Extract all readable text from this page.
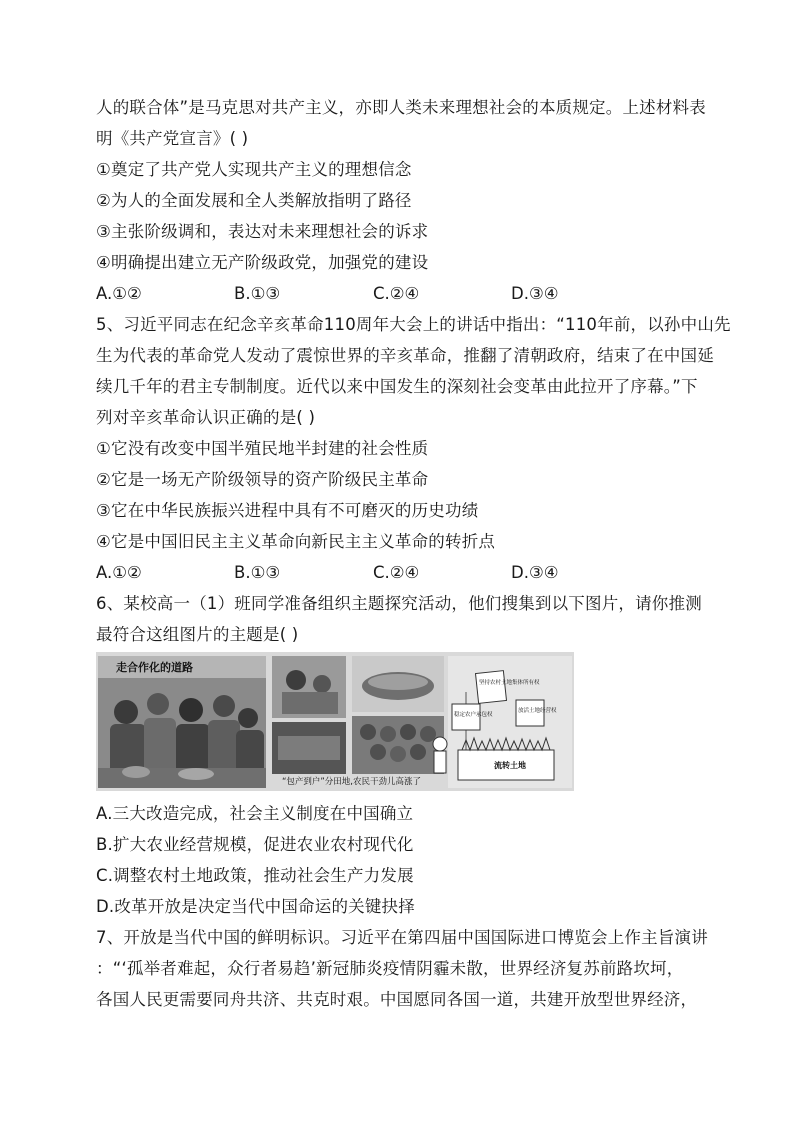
人的联合体”是马克思对共产主义，亦即人类未来理想社会的本质规定。上述材料表
明《共产党宣言》( )
①奠定了共产党人实现共产主义的理想信念
②为人的全面发展和全人类解放指明了路径
③主张阶级调和，表达对未来理想社会的诉求
④明确提出建立无产阶级政党，加强党的建设
A.①②	B.①③	C.②④	D.③④
5、习近平同志在纪念辛亥革命110周年大会上的讲话中指出：“110年前，以孙中山先
生为代表的革命党人发动了震惊世界的辛亥革命，推翻了清朝政府，结束了在中国延
续几千年的君主专制制度。近代以来中国发生的深刻社会变革由此拉开了序幕。”下
列对辛亥革命认识正确的是( )
①它没有改变中国半殖民地半封建的社会性质
②它是一场无产阶级领导的资产阶级民主革命
③它在中华民族振兴进程中具有不可磨灭的历史功绩
④它是中国旧民主主义革命向新民主主义革命的转折点
A.①②	B.①③	C.②④	D.③④
6、某校高一（1）班同学准备组织主题探究活动，他们搜集到以下图片，请你推测
最符合这组图片的主题是( )
走合作化的道路
“包产到户”分田地,农民干劲儿高涨了
坚持农村土地集体所有权
稳定农户承包权
放活土地经营权
流转土地
A.三大改造完成，社会主义制度在中国确立
B.扩大农业经营规模，促进农业农村现代化
C.调整农村土地政策，推动社会生产力发展
D.改革开放是决定当代中国命运的关键抉择
7、开放是当代中国的鲜明标识。习近平在第四届中国国际进口博览会上作主旨演讲
：“‘孤举者难起，众行者易趋’新冠肺炎疫情阴霾未散，世界经济复苏前路坎坷，
各国人民更需要同舟共济、共克时艰。中国愿同各国一道，共建开放型世界经济，
